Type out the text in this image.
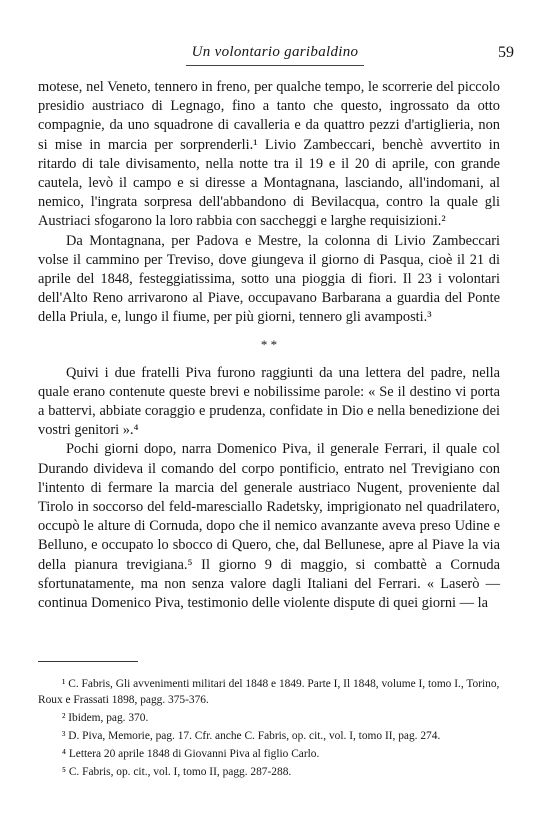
Un volontario garibaldino	59

motese, nel Veneto, tennero in freno, per qualche tempo, le scorrerie del piccolo presidio austriaco di Legnago, fino a tanto che questo, ingrossato da otto compagnie, da uno squadrone di cavalleria e da quattro pezzi d'artiglieria, non si mise in marcia per sorprenderli.¹ Livio Zambeccari, benchè avvertito in ritardo di tale divisamento, nella notte tra il 19 e il 20 di aprile, con grande cautela, levò il campo e si diresse a Montagnana, lasciando, all'indomani, al nemico, l'ingrata sorpresa dell'abbandono di Bevilacqua, contro la quale gli Austriaci sfogarono la loro rabbia con saccheggi e larghe requisizioni.²

Da Montagnana, per Padova e Mestre, la colonna di Livio Zambeccari volse il cammino per Treviso, dove giungeva il giorno di Pasqua, cioè il 21 di aprile del 1848, festeggiatissima, sotto una pioggia di fiori. Il 23 i volontari dell'Alto Reno arrivarono al Piave, occupavano Barbarana a guardia del Ponte della Priula, e, lungo il fiume, per più giorni, tennero gli avamposti.³

* *

Quivi i due fratelli Piva furono raggiunti da una lettera del padre, nella quale erano contenute queste brevi e nobilissime parole: « Se il destino vi porta a battervi, abbiate coraggio e prudenza, confidate in Dio e nella benedizione dei vostri genitori ».⁴

Pochi giorni dopo, narra Domenico Piva, il generale Ferrari, il quale col Durando divideva il comando del corpo pontificio, entrato nel Trevigiano con l'intento di fermare la marcia del generale austriaco Nugent, proveniente dal Tirolo in soccorso del feld-maresciallo Radetsky, imprigionato nel quadrilatero, occupò le alture di Cornuda, dopo che il nemico avanzante aveva preso Udine e Belluno, e occupato lo sbocco di Quero, che, dal Bellunese, apre al Piave la via della pianura trevigiana.⁵ Il giorno 9 di maggio, si combattè a Cornuda sfortunatamente, ma non senza valore dagli Italiani del Ferrari. « Laserò — continua Domenico Piva, testimonio delle violente dispute di quei giorni — la

¹ C. Fabris, Gli avvenimenti militari del 1848 e 1849. Parte I, Il 1848, volume I, tomo I., Torino, Roux e Frassati 1898, pagg. 375-376.

² Ibidem, pag. 370.

³ D. Piva, Memorie, pag. 17. Cfr. anche C. Fabris, op. cit., vol. I, tomo II, pag. 274.

⁴ Lettera 20 aprile 1848 di Giovanni Piva al figlio Carlo.

⁵ C. Fabris, op. cit., vol. I, tomo II, pagg. 287-288.
